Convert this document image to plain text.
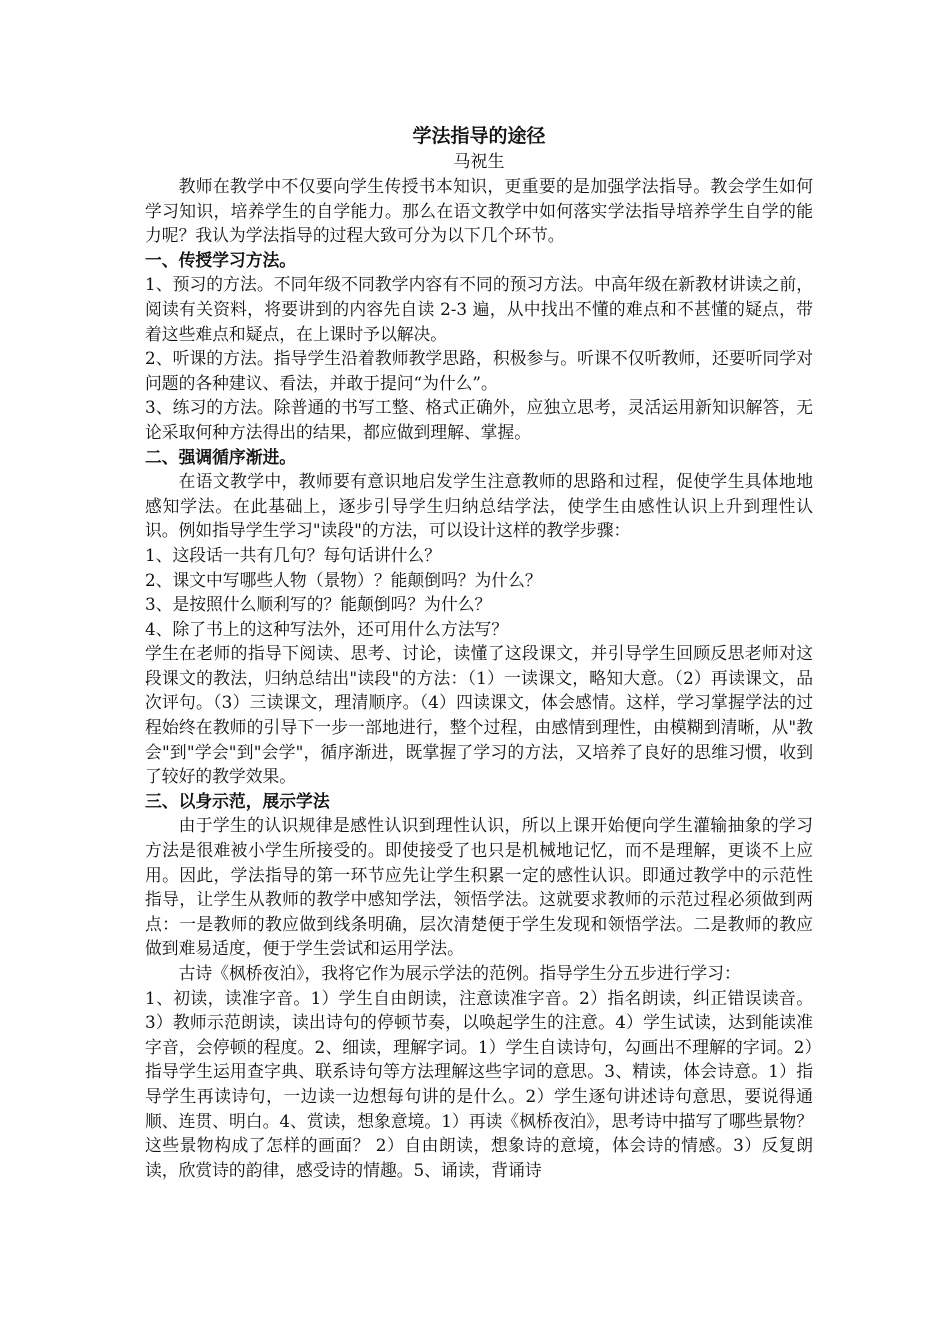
学法指导的途径

马祝生

教师在教学中不仅要向学生传授书本知识，更重要的是加强学法指导。教会学生如何学习知识，培养学生的自学能力。那么在语文教学中如何落实学法指导培养学生自学的能力呢？我认为学法指导的过程大致可分为以下几个环节。

一、传授学习方法。

1、预习的方法。不同年级不同教学内容有不同的预习方法。中高年级在新教材讲读之前，阅读有关资料，将要讲到的内容先自读 2-3 遍，从中找出不懂的难点和不甚懂的疑点，带着这些难点和疑点，在上课时予以解决。

2、听课的方法。指导学生沿着教师教学思路，积极参与。听课不仅听教师，还要听同学对问题的各种建议、看法，并敢于提问“为什么”。

3、练习的方法。除普通的书写工整、格式正确外，应独立思考，灵活运用新知识解答，无论采取何种方法得出的结果，都应做到理解、掌握。

二、强调循序渐进。

在语文教学中，教师要有意识地启发学生注意教师的思路和过程，促使学生具体地地感知学法。在此基础上，逐步引导学生归纳总结学法，使学生由感性认识上升到理性认识。例如指导学生学习"读段"的方法，可以设计这样的教学步骤：

1、这段话一共有几句？每句话讲什么？

2、课文中写哪些人物（景物）？能颠倒吗？为什么？

3、是按照什么顺利写的？能颠倒吗？为什么？

4、除了书上的这种写法外，还可用什么方法写？

学生在老师的指导下阅读、思考、讨论，读懂了这段课文，并引导学生回顾反思老师对这段课文的教法，归纳总结出"读段"的方法：（1）一读课文，略知大意。（2）再读课文，品次评句。（3）三读课文，理清顺序。（4）四读课文，体会感情。这样，学习掌握学法的过程始终在教师的引导下一步一部地进行，整个过程，由感情到理性，由模糊到清晰，从"教会"到"学会"到"会学"，循序渐进，既掌握了学习的方法，又培养了良好的思维习惯，收到了较好的教学效果。

三、以身示范，展示学法

由于学生的认识规律是感性认识到理性认识，所以上课开始便向学生灌输抽象的学习方法是很难被小学生所接受的。即使接受了也只是机械地记忆，而不是理解，更谈不上应用。因此，学法指导的第一环节应先让学生积累一定的感性认识。即通过教学中的示范性指导，让学生从教师的教学中感知学法，领悟学法。这就要求教师的示范过程必须做到两点：一是教师的教应做到线条明确，层次清楚便于学生发现和领悟学法。二是教师的教应做到难易适度，便于学生尝试和运用学法。

古诗《枫桥夜泊》，我将它作为展示学法的范例。指导学生分五步进行学习：

1、初读，读准字音。1）学生自由朗读，注意读准字音。2）指名朗读，纠正错误读音。3）教师示范朗读，读出诗句的停顿节奏，以唤起学生的注意。4）学生试读，达到能读准字音，会停顿的程度。2、细读，理解字词。1）学生自读诗句，勾画出不理解的字词。2）指导学生运用查字典、联系诗句等方法理解这些字词的意思。3、精读，体会诗意。1）指导学生再读诗句，一边读一边想每句讲的是什么。2）学生逐句讲述诗句意思，要说得通顺、连贯、明白。4、赏读，想象意境。1）再读《枫桥夜泊》，思考诗中描写了哪些景物？这些景物构成了怎样的画面？ 2）自由朗读，想象诗的意境，体会诗的情感。3）反复朗读，欣赏诗的韵律，感受诗的情趣。5、诵读，背诵诗
